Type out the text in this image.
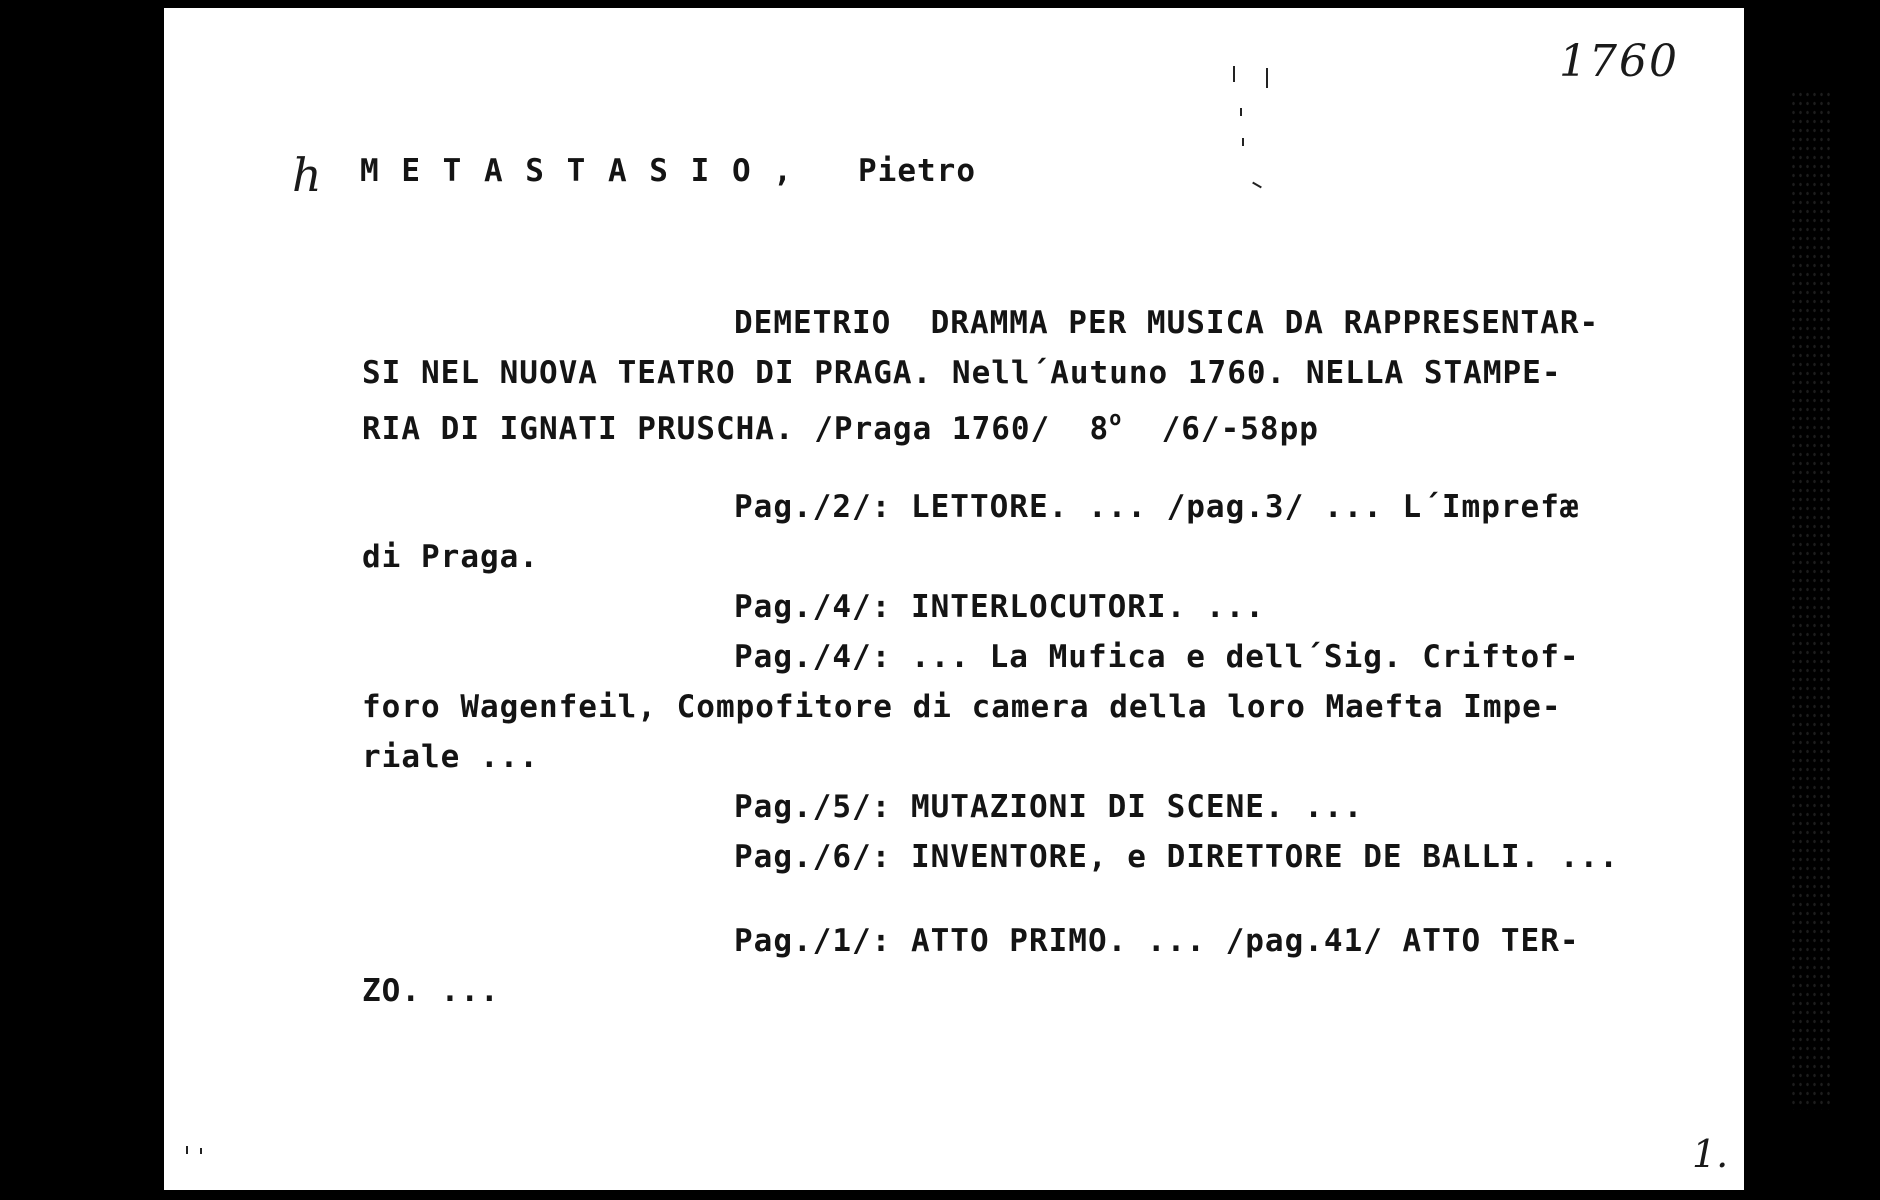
1760
h M E T A S T A S I O , Pietro
DEMETRIO  DRAMMA PER MUSICA DA RAPPRESENTAR-
SI NEL NUOVA TEATRO DI PRAGA. Nell´Autuno 1760. NELLA STAMPE-
RIA DI IGNATI PRUSCHA. /Praga 1760/  8$^o$  /6/-58pp
Pag./2/: LETTORE. ... /pag.3/ ... L´Imprefæ
di Praga.
Pag./4/: INTERLOCUTORI. ...
Pag./4/: ... La Mufica e dell´Sig. Criftof-
foro Wagenfeil, Compofitore di camera della loro Maefta Impe-
riale ...
Pag./5/: MUTAZIONI DI SCENE. ...
Pag./6/: INVENTORE, e DIRETTORE DE BALLI. ...
Pag./1/: ATTO PRIMO. ... /pag.41/ ATTO TER-
ZO. ...
1.
